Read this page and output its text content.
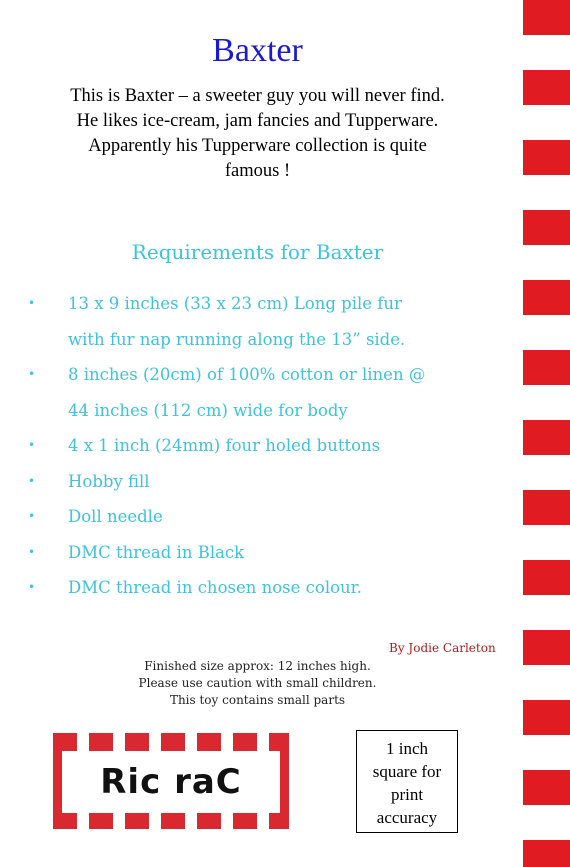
Baxter
This is Baxter – a sweeter guy you will never find.
He likes ice-cream, jam fancies and Tupperware.
Apparently his Tupperware collection is quite
famous !
Requirements for Baxter
• 13 x 9 inches (33 x 23 cm) Long pile fur
with fur nap running along the 13” side.
• 8 inches (20cm) of 100% cotton or linen @
44 inches (112 cm) wide for body
• 4 x 1 inch (24mm) four holed buttons
• Hobby fill
• Doll needle
• DMC thread in Black
• DMC thread in chosen nose colour.
By Jodie Carleton
Finished size approx: 12 inches high.
Please use caution with small children.
This toy contains small parts
Ric raC
1 inch
square for
print
accuracy
